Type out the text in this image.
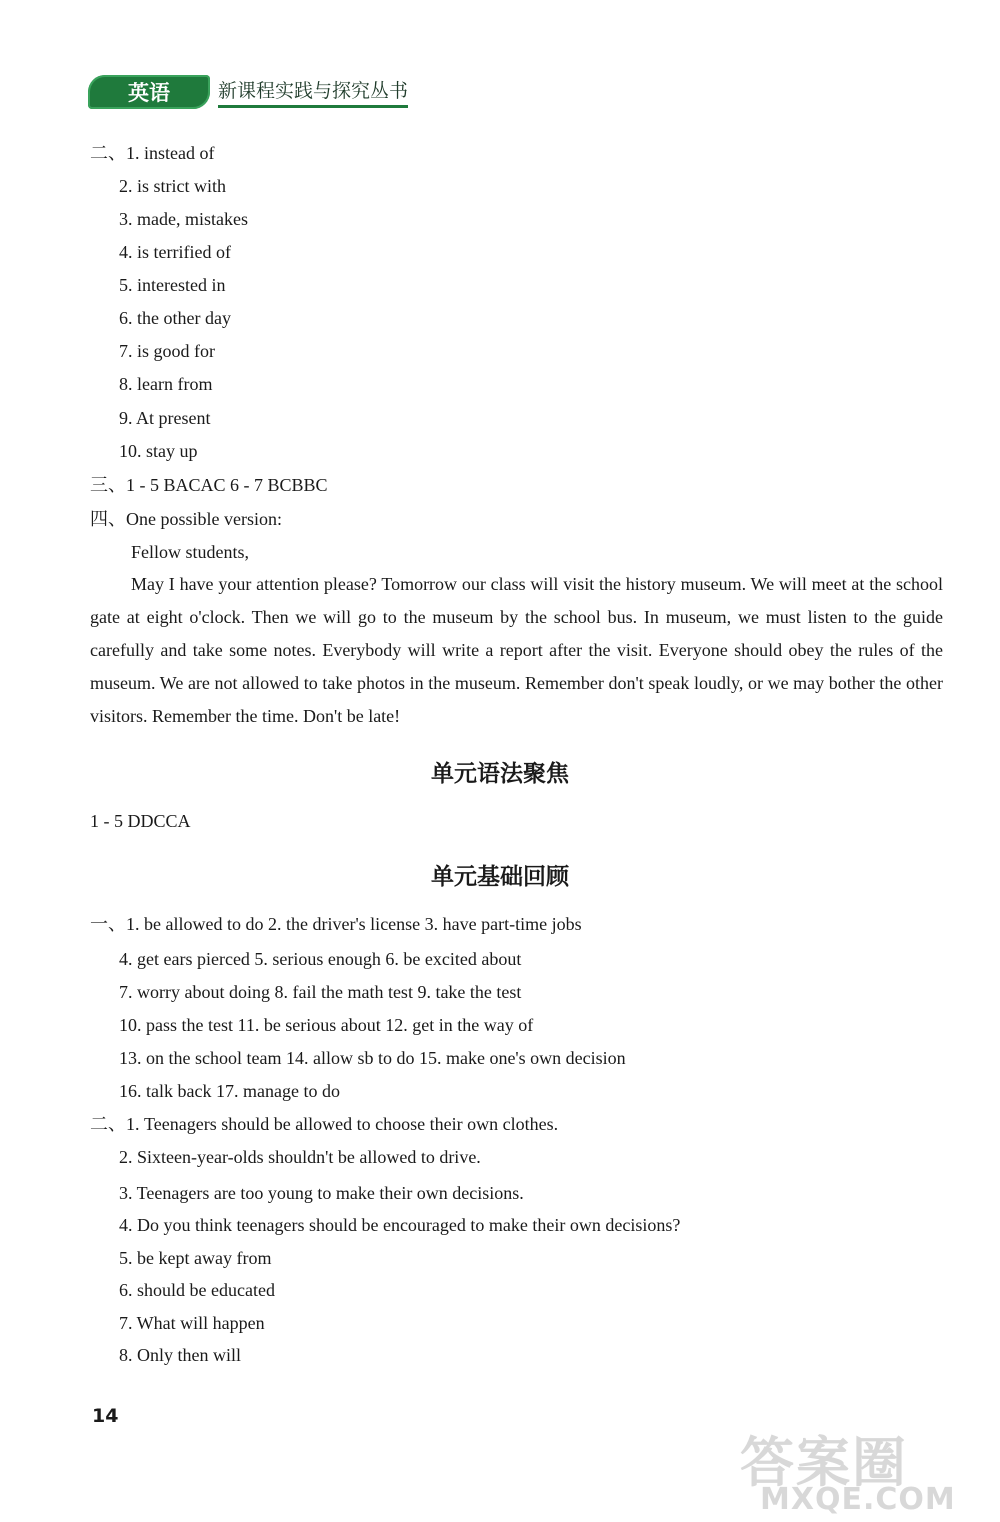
英语	新课程实践与探究丛书
二、1. instead of
2. is strict with
3. made, mistakes
4. is terrified of
5. interested in
6. the other day
7. is good for
8. learn from
9. At present
10. stay up
三、1 - 5 BACAC 6 - 7 BCBBC
四、One possible version:
Fellow students,
May I have your attention please? Tomorrow our class will visit the history museum. We will meet at the school gate at eight o'clock. Then we will go to the museum by the school bus. In museum, we must listen to the guide carefully and take some notes. Everybody will write a report after the visit. Everyone should obey the rules of the museum. We are not allowed to take photos in the museum. Remember don't speak loudly, or we may bother the other visitors. Remember the time. Don't be late!
单元语法聚焦
1 - 5 DDCCA
单元基础回顾
一、1. be allowed to do 2. the driver's license 3. have part-time jobs
4. get ears pierced 5. serious enough 6. be excited about
7. worry about doing 8. fail the math test 9. take the test
10. pass the test 11. be serious about 12. get in the way of
13. on the school team 14. allow sb to do 15. make one's own decision
16. talk back 17. manage to do
二、1. Teenagers should be allowed to choose their own clothes.
2. Sixteen-year-olds shouldn't be allowed to drive.
3. Teenagers are too young to make their own decisions.
4. Do you think teenagers should be encouraged to make their own decisions?
5. be kept away from
6. should be educated
7. What will happen
8. Only then will
14
答案圈
MXQE.COM
